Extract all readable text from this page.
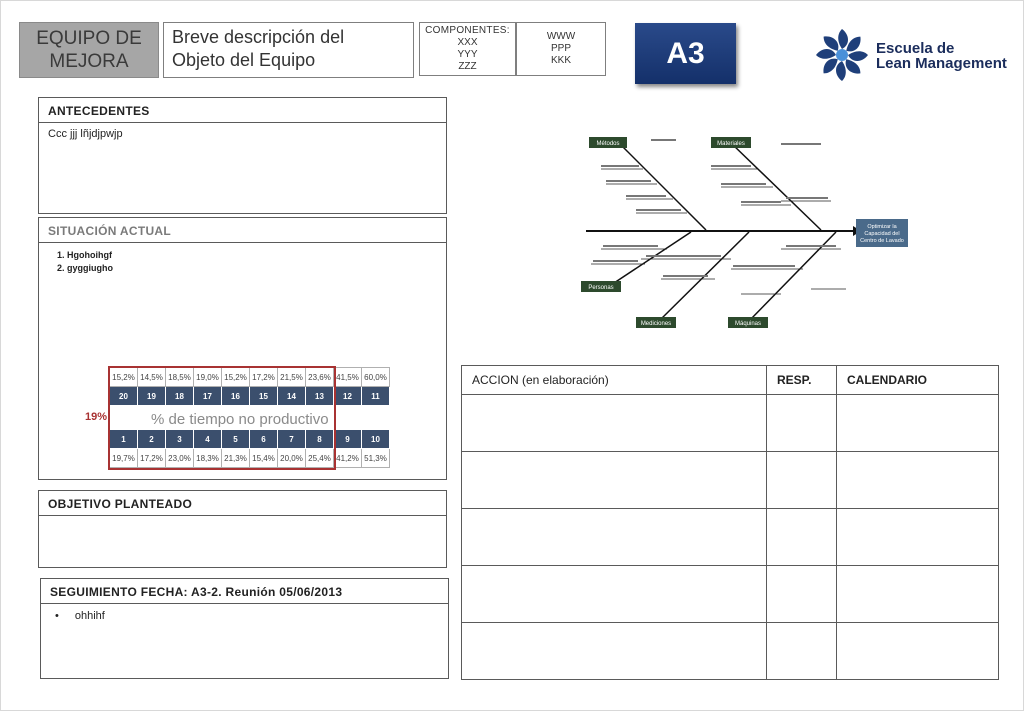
EQUIPO DE
MEJORA
Breve descripción del
Objeto del Equipo
COMPONENTES:
XXX
YYY
ZZZ
WWW
PPP
KKK	A3	Escuela de
Lean Management
ANTECEDENTES
Ccc jjj lñjdjpwjp
SITUACIÓN ACTUAL
1. Hgohoihgf
2. gyggiugho
15,2%	14,5%	18,5%	19,0%	15,2%	17,2%	21,5%	23,6%	41,5%	60,0%
20	19	18	17	16	15	14	13	12	11
19%	% de tiempo no productivo
1	2	3	4	5	6	7	8	9	10
19,7%	17,2%	23,0%	18,3%	21,3%	15,4%	20,0%	25,4%	41,2%	51,3%
OBJETIVO PLANTEADO
SEGUIMIENTO FECHA: A3-2. Reunión 05/06/2013
• ohhihf
Métodos	Materiales
Personas
Mediciones	Máquinas
Optimizar la
Capacidad del
Centro de Lavado
ACCION (en elaboración)	RESP.	CALENDARIO
